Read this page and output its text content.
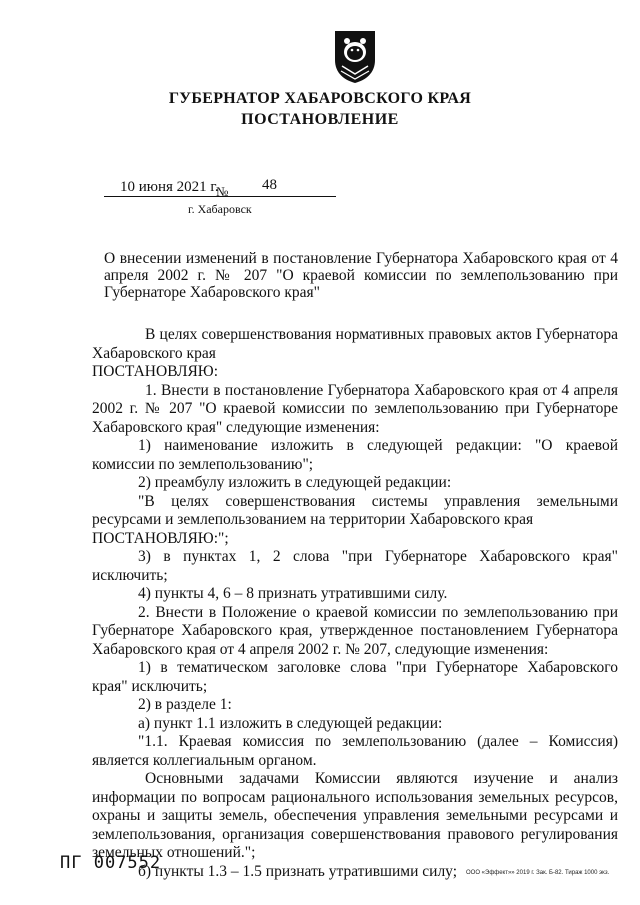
ГУБЕРНАТОР ХАБАРОВСКОГО КРАЯ
ПОСТАНОВЛЕНИЕ
10 июня 2021 г.
№ 48
г. Хабаровск
О внесении изменений в постановление Губернатора Хабаровского края от 4 апреля 2002 г. № 207 "О краевой комиссии по землепользованию при Губернаторе Хабаровского края"

В целях совершенствования нормативных правовых актов Губернатора Хабаровского края

ПОСТАНОВЛЯЮ:

1. Внести в постановление Губернатора Хабаровского края от 4 апреля 2002 г. № 207 "О краевой комиссии по землепользованию при Губернаторе Хабаровского края" следующие изменения:

1) наименование изложить в следующей редакции: "О краевой комиссии по землепользованию";

2) преамбулу изложить в следующей редакции:

"В целях совершенствования системы управления земельными ресурсами и землепользованием на территории Хабаровского края

ПОСТАНОВЛЯЮ:";

3) в пунктах 1, 2 слова "при Губернаторе Хабаровского края" исключить;

4) пункты 4, 6 – 8 признать утратившими силу.

2. Внести в Положение о краевой комиссии по землепользованию при Губернаторе Хабаровского края, утвержденное постановлением Губернатора Хабаровского края от 4 апреля 2002 г. № 207, следующие изменения:

1) в тематическом заголовке слова "при Губернаторе Хабаровского края" исключить;

2) в разделе 1:

а) пункт 1.1 изложить в следующей редакции:

"1.1. Краевая комиссия по землепользованию (далее – Комиссия) является коллегиальным органом.

Основными задачами Комиссии являются изучение и анализ информации по вопросам рационального использования земельных ресурсов, охраны и защиты земель, обеспечения управления земельными ресурсами и землепользования, организация совершенствования правового регулирования земельных отношений.";

б) пункты 1.3 – 1.5 признать утратившими силу;

ПГ 007552	ООО «Эффект»» 2019 г. Зак. Б-82. Тираж 1000 экз.
